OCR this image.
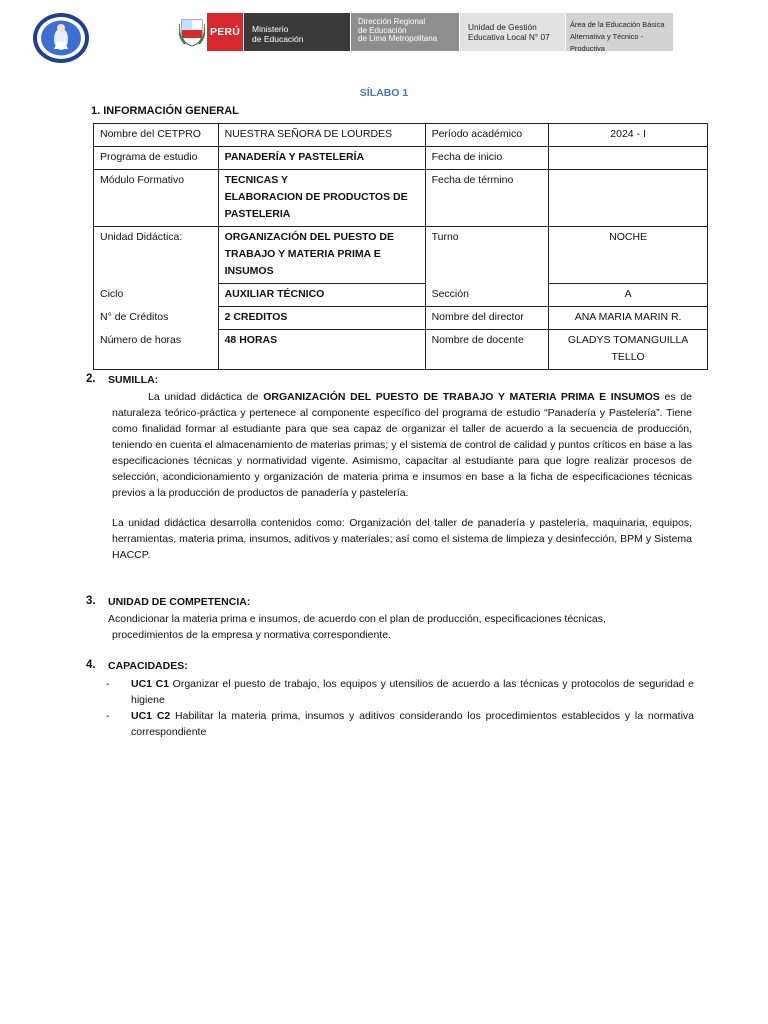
PERÚ	Ministerio
de Educación
Dirección Regional
de Educación
de Lima Metropolitana
Unidad de Gestión
Educativa Local N° 07
Área de la Educación Básica
Alternativa y Técnico - Productiva
SÍLABO 1
1. INFORMACIÓN GENERAL
Nombre del CETPRO	NUESTRA SEÑORA DE LOURDES	Período académico	2024 - I
Programa de estudio	PANADERÍA Y PASTELERÍA	Fecha de inicio	
Módulo Formativo	TECNICAS Y
ELABORACION DE PRODUCTOS DE
PASTELERIA	Fecha de término	
Unidad Didáctica:	ORGANIZACIÓN DEL PUESTO DE
TRABAJO Y MATERIA PRIMA E
INSUMOS	Turno	NOCHE
Ciclo	AUXILIAR TÉCNICO	Sección	A
N° de Créditos	2 CREDITOS	Nombre del director	ANA MARIA MARIN R.
Número de horas	48 HORAS	Nombre de docente	GLADYS TOMANGUILLA
TELLO
2. SUMILLA:
La unidad didáctica de ORGANIZACIÓN DEL PUESTO DE TRABAJO Y MATERIA PRIMA E INSUMOS es de naturaleza teórico-práctica y pertenece al componente específico del programa de estudio “Panadería y Pastelería”. Tiene como finalidad formar al estudiante para que sea capaz de organizar el taller de acuerdo a la secuencia de producción, teniendo en cuenta el almacenamiento de materias primas; y el sistema de control de calidad y puntos críticos en base a las especificaciones técnicas y normatividad vigente. Asimismo, capacitar al estudiante para que logre realizar procesos de selección, acondicionamiento y organización de materia prima e insumos en base a la ficha de especificaciones técnicas previos a la producción de productos de panadería y pastelería.
La unidad didáctica desarrolla contenidos como: Organización del taller de panadería y pastelería, maquinaria, equipos, herramientas, materia prima, insumos, aditivos y materiales; así como el sistema de limpieza y desinfección, BPM y Sistema HACCP.
3. UNIDAD DE COMPETENCIA:
Acondicionar la materia prima e insumos, de acuerdo con el plan de producción, especificaciones técnicas,
procedimientos de la empresa y normativa correspondiente.
4. CAPACIDADES:
-	UC1 C1 Organizar el puesto de trabajo, los equipos y utensilios de acuerdo a las técnicas y protocolos de seguridad e higiene
-	UC1 C2 Habilitar la materia prima, insumos y aditivos considerando los procedimientos establecidos y la normativa correspondiente
